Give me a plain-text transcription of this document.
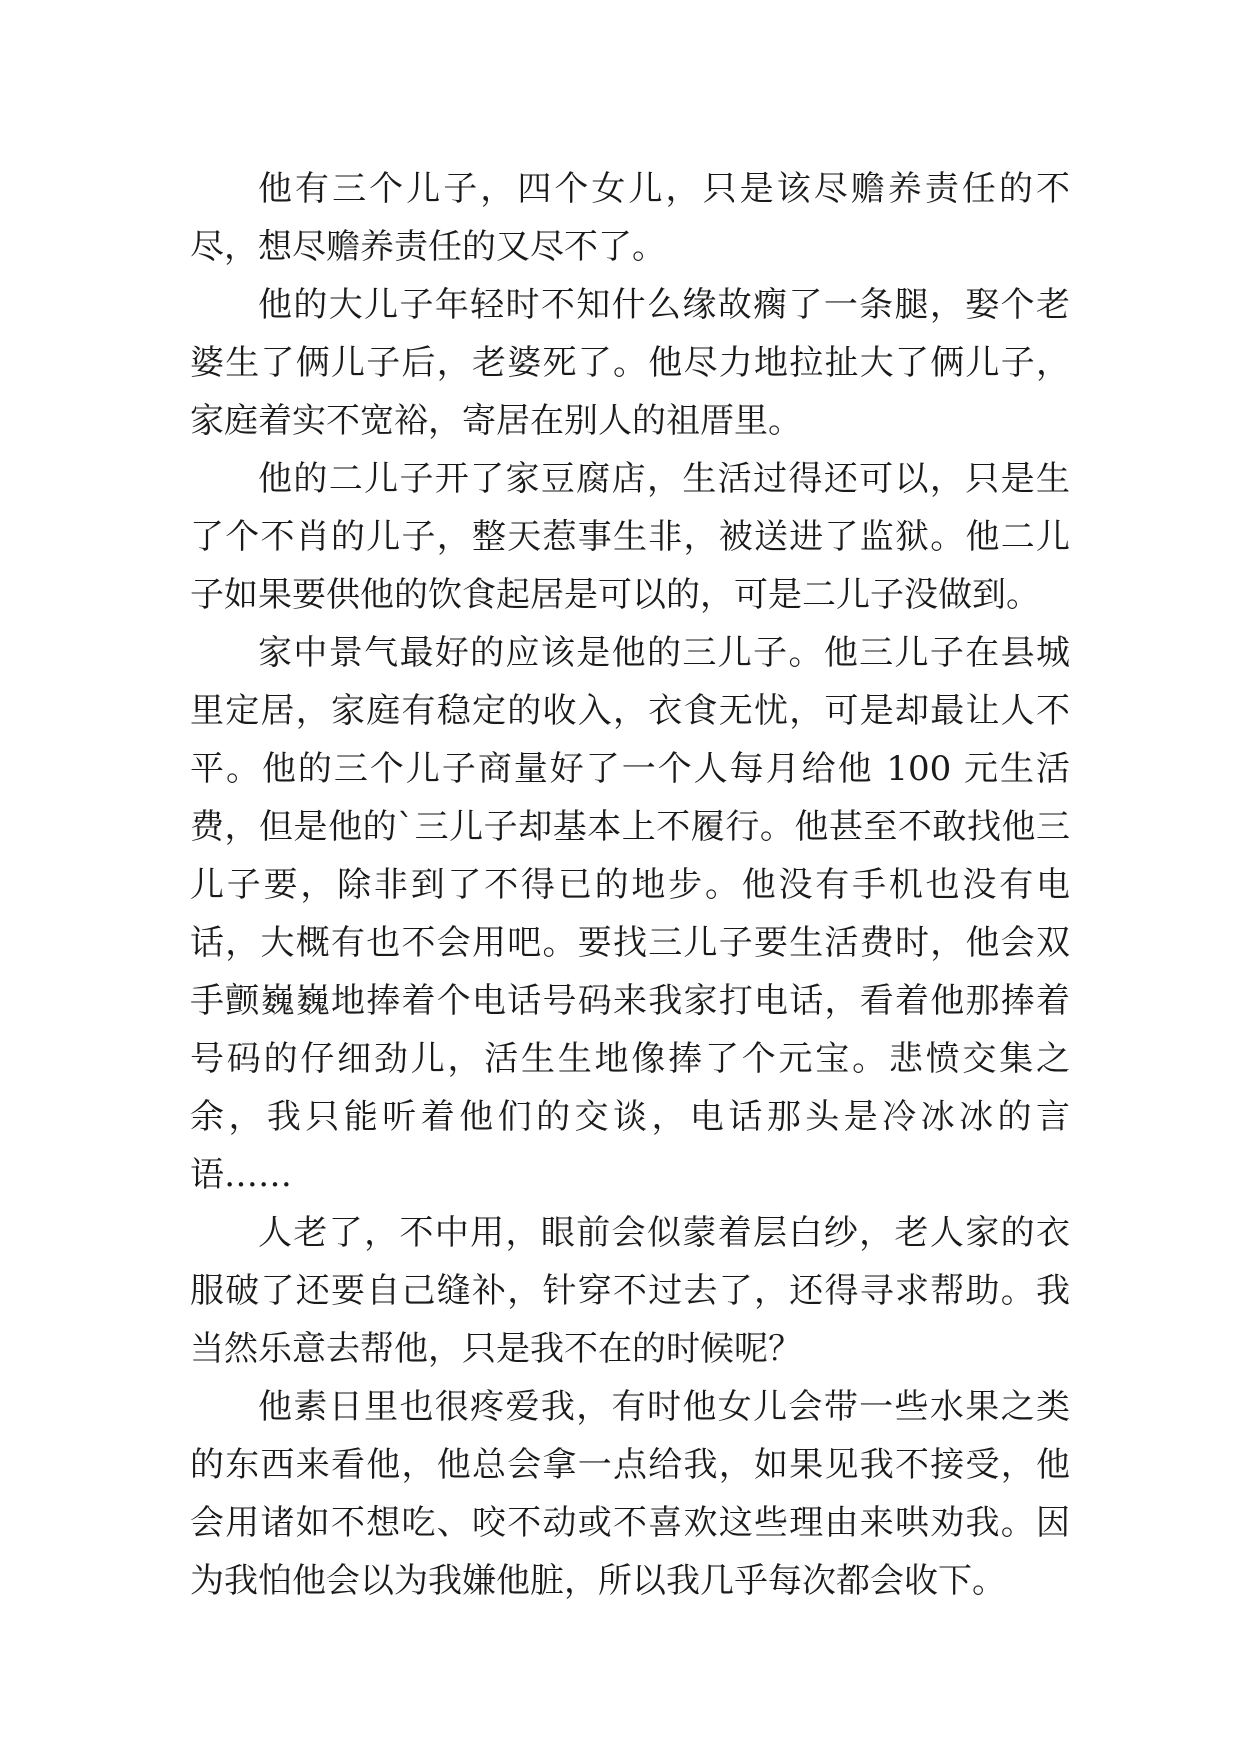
他有三个儿子，四个女儿，只是该尽赡养责任的不尽，想尽赡养责任的又尽不了。

他的大儿子年轻时不知什么缘故瘸了一条腿，娶个老婆生了俩儿子后，老婆死了。他尽力地拉扯大了俩儿子，家庭着实不宽裕，寄居在别人的祖厝里。

他的二儿子开了家豆腐店，生活过得还可以，只是生了个不肖的儿子，整天惹事生非，被送进了监狱。他二儿子如果要供他的饮食起居是可以的，可是二儿子没做到。

家中景气最好的应该是他的三儿子。他三儿子在县城里定居，家庭有稳定的收入，衣食无忧，可是却最让人不平。他的三个儿子商量好了一个人每月给他 100 元生活费，但是他的`三儿子却基本上不履行。他甚至不敢找他三儿子要，除非到了不得已的地步。他没有手机也没有电话，大概有也不会用吧。要找三儿子要生活费时，他会双手颤巍巍地捧着个电话号码来我家打电话，看着他那捧着号码的仔细劲儿，活生生地像捧了个元宝。悲愤交集之余，我只能听着他们的交谈，电话那头是冷冰冰的言语……

人老了，不中用，眼前会似蒙着层白纱，老人家的衣服破了还要自己缝补，针穿不过去了，还得寻求帮助。我当然乐意去帮他，只是我不在的时候呢？

他素日里也很疼爱我，有时他女儿会带一些水果之类的东西来看他，他总会拿一点给我，如果见我不接受，他会用诸如不想吃、咬不动或不喜欢这些理由来哄劝我。因为我怕他会以为我嫌他脏，所以我几乎每次都会收下。
